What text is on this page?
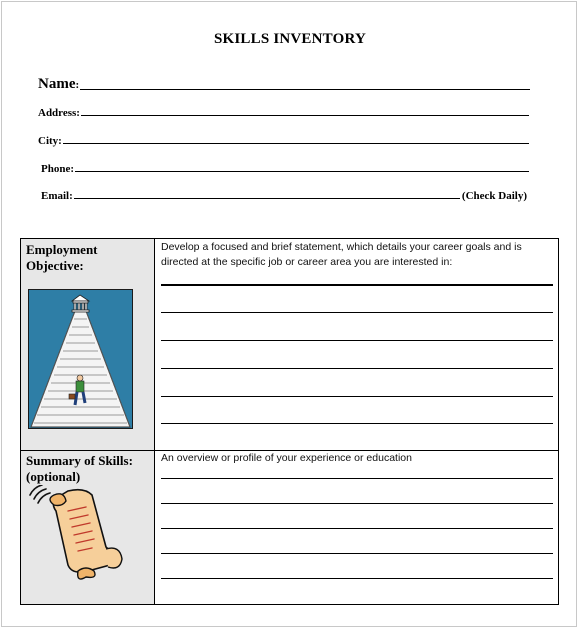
SKILLS INVENTORY
Name:
Address:
City:
Phone:
Email:	(Check Daily)
Employment
Objective:
Develop a focused and brief statement, which details your career goals and is directed at the specific job or career area you are interested in:
Summary of Skills:
(optional)
An overview or profile of your experience or education
